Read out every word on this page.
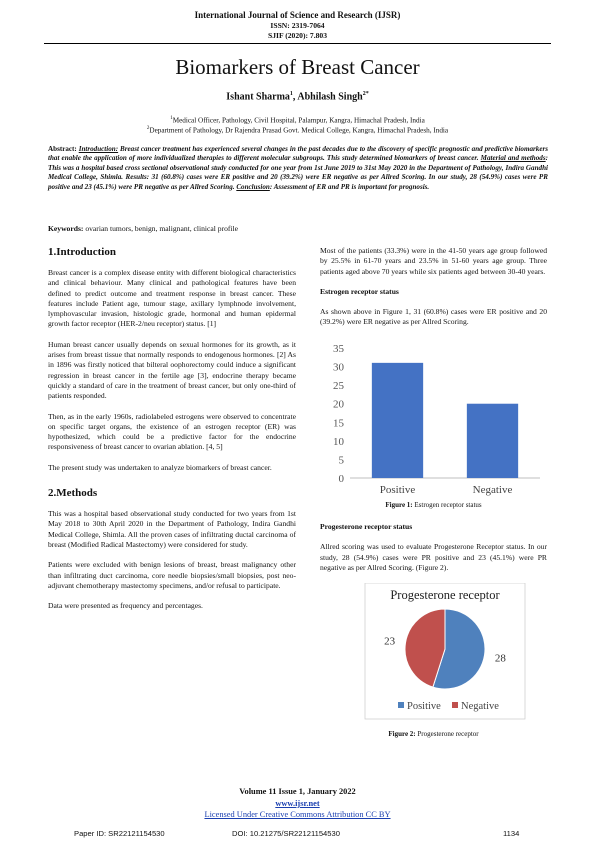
International Journal of Science and Research (IJSR)
ISSN: 2319-7064
SJIF (2020): 7.803
Biomarkers of Breast Cancer
Ishant Sharma$^1$, Abhilash Singh$^{2*}$
$^1$Medical Officer, Pathology, Civil Hospital, Palampur, Kangra, Himachal Pradesh, India
$^2$Department of Pathology, Dr Rajendra Prasad Govt. Medical College, Kangra, Himachal Pradesh, India
Abstract: Introduction: Breast cancer treatment has experienced several changes in the past decades due to the discovery of specific prognostic and predictive biomarkers that enable the application of more individualized therapies to different molecular subgroups. This study determined biomarkers of breast cancer. Material and methods: This was a hospital based cross sectional observational study conducted for one year from 1st June 2019 to 31st May 2020 in the Department of Pathology, Indira Gandhi Medical College, Shimla. Results: 31 (60.8%) cases were ER positive and 20 (39.2%) were ER negative as per Allred Scoring. In our study, 28 (54.9%) cases were PR positive and 23 (45.1%) were PR negative as per Allred Scoring. Conclusion: Assessment of ER and PR is important for prognosis.
Keywords: ovarian tumors, benign, malignant, clinical profile
1.Introduction

Breast cancer is a complex disease entity with different biological characteristics and clinical behaviour. Many clinical and pathological features have been defined to predict outcome and treatment response in breast cancer. These features include Patient age, tumour stage, axillary lymphnode involvement, lymphovascular invasion, histologic grade, hormonal and human epidermal growth factor receptor (HER-2/neu receptor) status. [1]

Human breast cancer usually depends on sexual hormones for its growth, as it arises from breast tissue that normally responds to endogenous hormones. [2] As in 1896 was firstly noticed that bilteral oophorectomy could induce a significant regression in breast cancer in the fertile age [3], endocrine therapy became quickly a standard of care in the treatment of breast cancer, but only one-third of patients responded.

Then, as in the early 1960s, radiolabeled estrogens were observed to concentrate on specific target organs, the existence of an estrogen receptor (ER) was hypothesized, which could be a predictive factor for the endocrine responsiveness of breast cancer to ovarian ablation. [4, 5]

The present study was undertaken to analyze biomarkers of breast cancer.

2.Methods

This was a hospital based observational study conducted for two years from 1st May 2018 to 30th April 2020 in the Department of Pathology, Indira Gandhi Medical College, Shimla. All the proven cases of infiltrating ductal carcinoma of breast (Modified Radical Mastectomy) were considered for study.

Patients were excluded with benign lesions of breast, breast malignancy other than infiltrating duct carcinoma, core needle biopsies/small biopsies, post neo-adjuvant chemotherapy mastectomy specimens, and/or refusal to participate.

Data were presented as frequency and percentages.

Most of the patients (33.3%) were in the 41-50 years age group followed by 25.5% in 61-70 years and 23.5% in 51-60 years age group. Three patients aged above 70 years while six patients aged between 30-40 years.

Estrogen receptor status

As shown above in Figure 1, 31 (60.8%) cases were ER positive and 20 (39.2%) were ER negative as per Allred Scoring.

0
5
10
15
20
25
30
35
Positive	Negative

Figure 1: Estrogen receptor status

Progesterone receptor status

Allred scoring was used to evaluate Progesterone Receptor status. In our study, 28 (54.9%) cases were PR positive and 23 (45.1%) were PR negative as per Allred Scoring. (Figure 2).

Progesterone receptor
28
23
Positive Negative

Figure 2: Progesterone receptor

Volume 11 Issue 1, January 2022
www.ijsr.net
Licensed Under Creative Commons Attribution CC BY
Paper ID: SR22121154530	DOI: 10.21275/SR22121154530	1134
